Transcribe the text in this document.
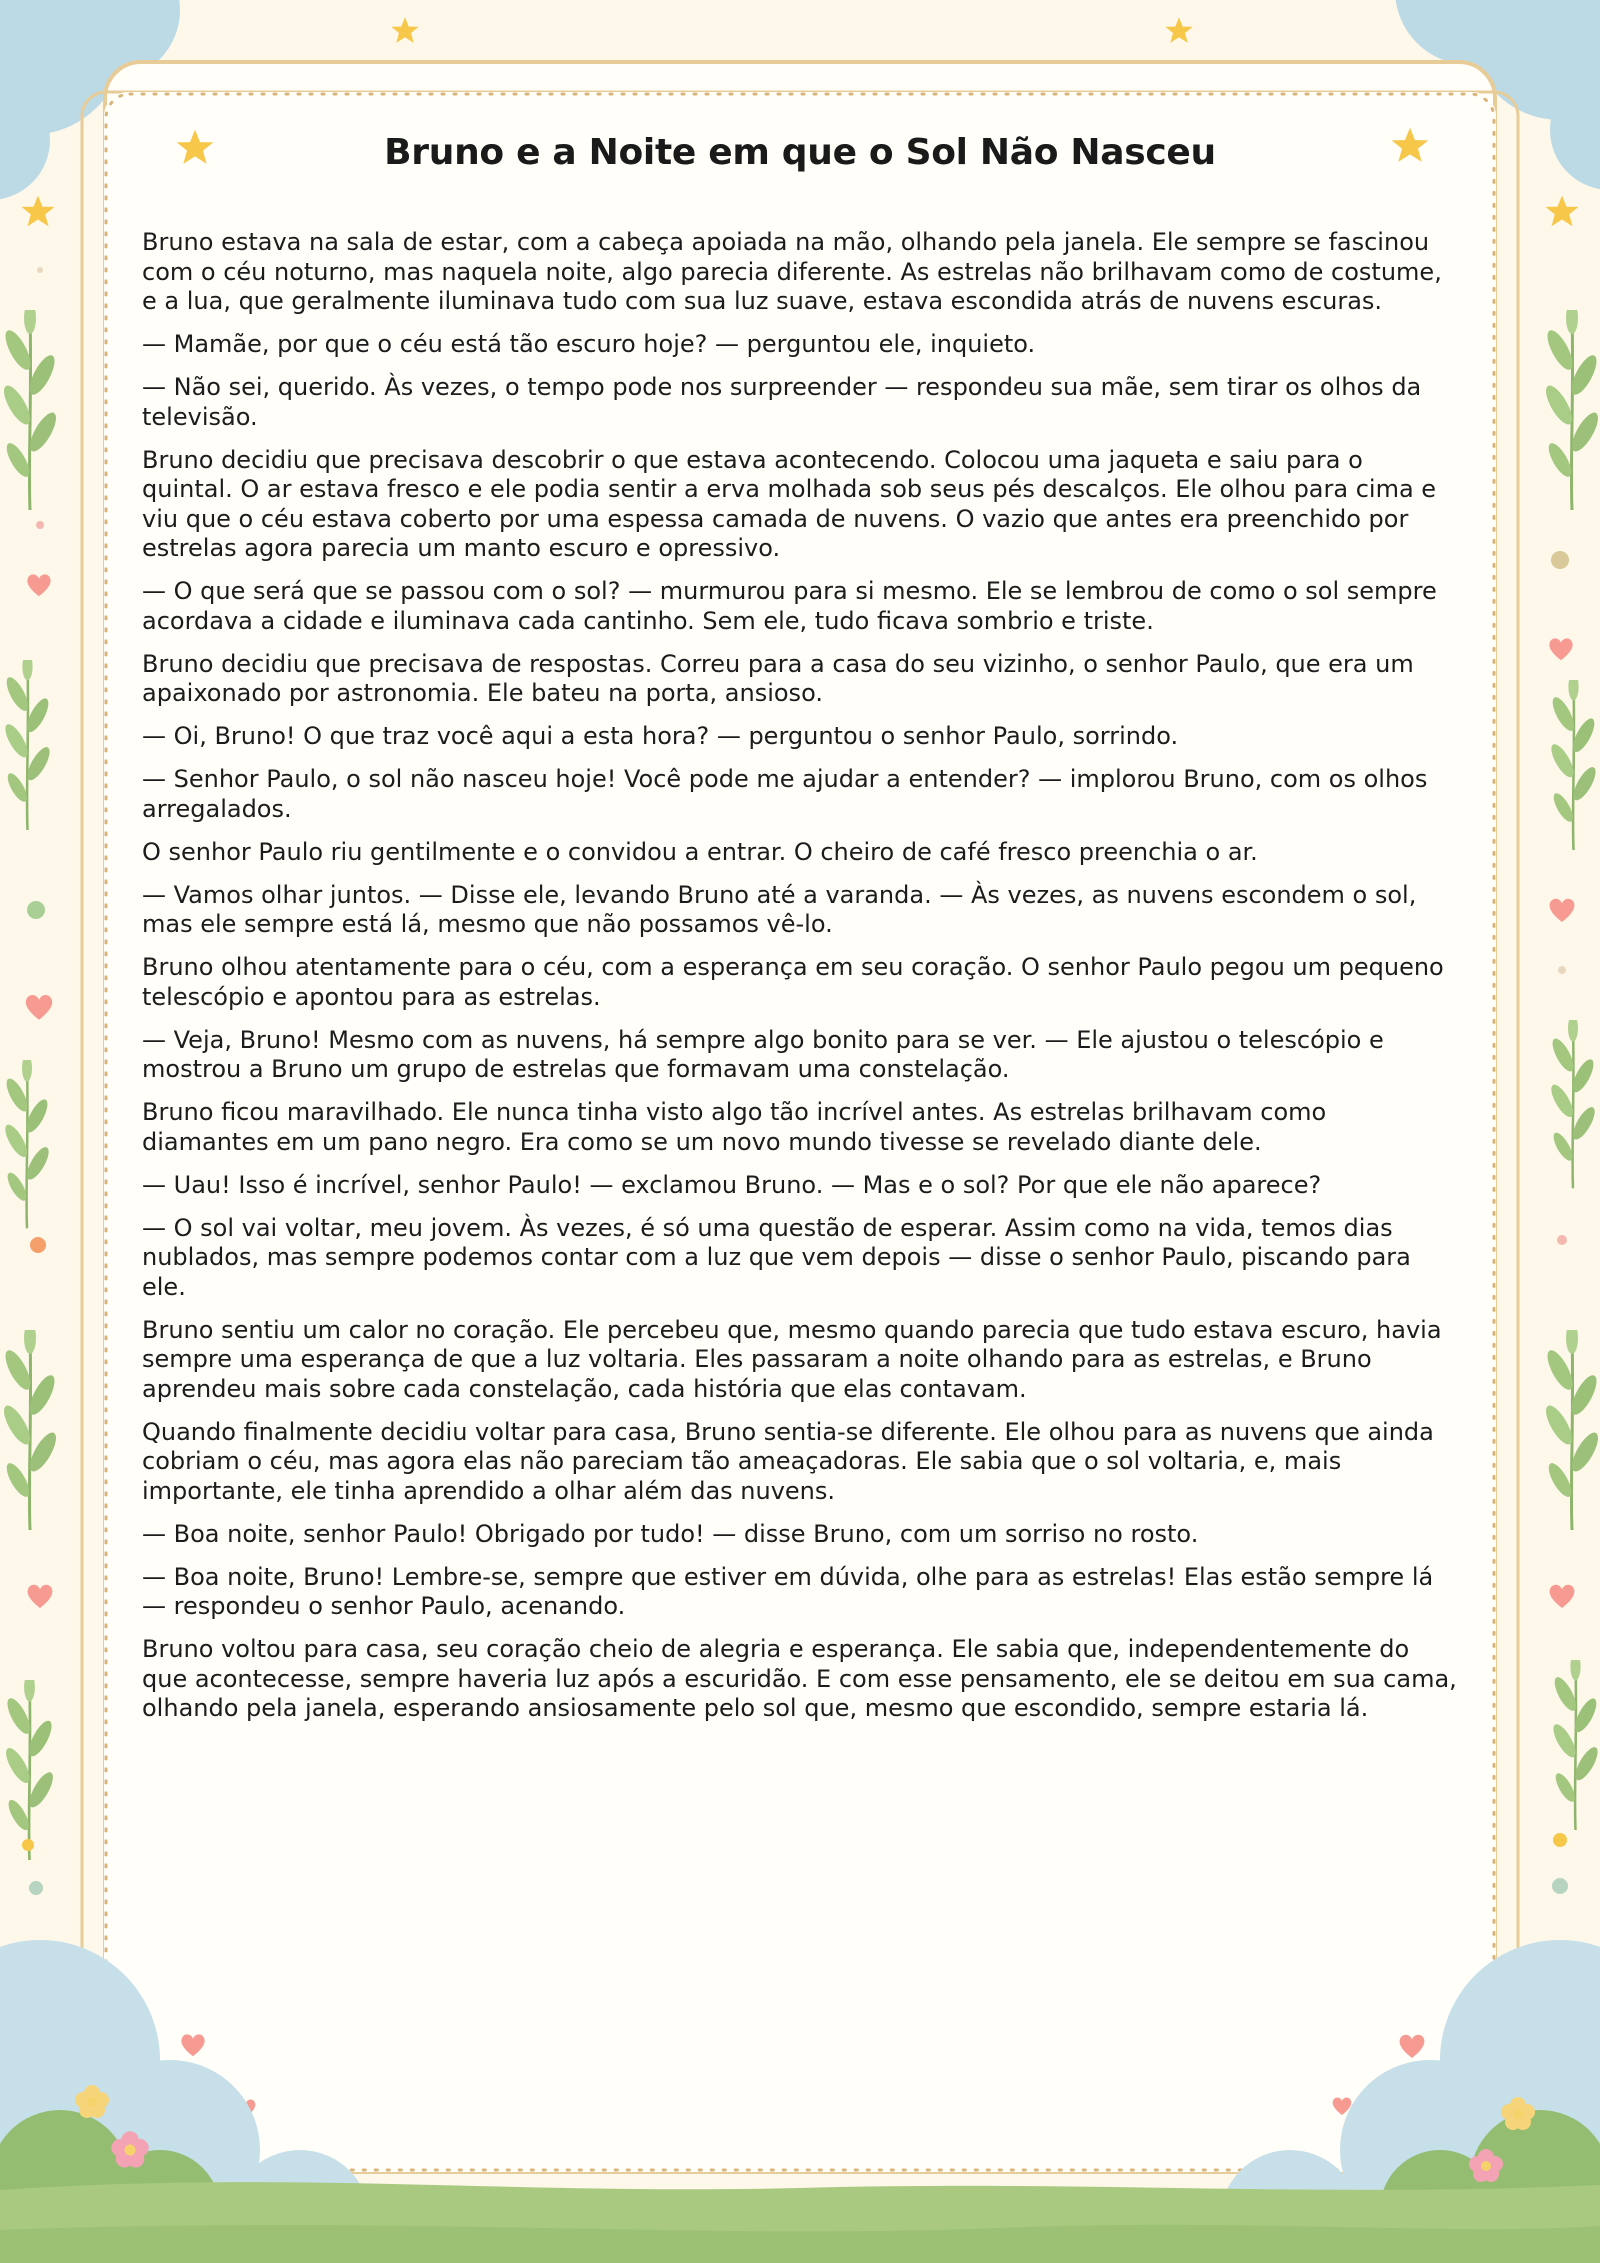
Bruno e a Noite em que o Sol Não Nasceu

Bruno estava na sala de estar, com a cabeça apoiada na mão, olhando pela janela. Ele sempre se fascinou com o céu noturno, mas naquela noite, algo parecia diferente. As estrelas não brilhavam como de costume, e a lua, que geralmente iluminava tudo com sua luz suave, estava escondida atrás de nuvens escuras.

— Mamãe, por que o céu está tão escuro hoje? — perguntou ele, inquieto.

— Não sei, querido. Às vezes, o tempo pode nos surpreender — respondeu sua mãe, sem tirar os olhos da televisão.

Bruno decidiu que precisava descobrir o que estava acontecendo. Colocou uma jaqueta e saiu para o quintal. O ar estava fresco e ele podia sentir a erva molhada sob seus pés descalços. Ele olhou para cima e viu que o céu estava coberto por uma espessa camada de nuvens. O vazio que antes era preenchido por estrelas agora parecia um manto escuro e opressivo.

— O que será que se passou com o sol? — murmurou para si mesmo. Ele se lembrou de como o sol sempre acordava a cidade e iluminava cada cantinho. Sem ele, tudo ficava sombrio e triste.

Bruno decidiu que precisava de respostas. Correu para a casa do seu vizinho, o senhor Paulo, que era um apaixonado por astronomia. Ele bateu na porta, ansioso.

— Oi, Bruno! O que traz você aqui a esta hora? — perguntou o senhor Paulo, sorrindo.

— Senhor Paulo, o sol não nasceu hoje! Você pode me ajudar a entender? — implorou Bruno, com os olhos arregalados.

O senhor Paulo riu gentilmente e o convidou a entrar. O cheiro de café fresco preenchia o ar.

— Vamos olhar juntos. — Disse ele, levando Bruno até a varanda. — Às vezes, as nuvens escondem o sol, mas ele sempre está lá, mesmo que não possamos vê-lo.

Bruno olhou atentamente para o céu, com a esperança em seu coração. O senhor Paulo pegou um pequeno telescópio e apontou para as estrelas.

— Veja, Bruno! Mesmo com as nuvens, há sempre algo bonito para se ver. — Ele ajustou o telescópio e mostrou a Bruno um grupo de estrelas que formavam uma constelação.

Bruno ficou maravilhado. Ele nunca tinha visto algo tão incrível antes. As estrelas brilhavam como diamantes em um pano negro. Era como se um novo mundo tivesse se revelado diante dele.

— Uau! Isso é incrível, senhor Paulo! — exclamou Bruno. — Mas e o sol? Por que ele não aparece?

— O sol vai voltar, meu jovem. Às vezes, é só uma questão de esperar. Assim como na vida, temos dias nublados, mas sempre podemos contar com a luz que vem depois — disse o senhor Paulo, piscando para ele.

Bruno sentiu um calor no coração. Ele percebeu que, mesmo quando parecia que tudo estava escuro, havia sempre uma esperança de que a luz voltaria. Eles passaram a noite olhando para as estrelas, e Bruno aprendeu mais sobre cada constelação, cada história que elas contavam.

Quando finalmente decidiu voltar para casa, Bruno sentia-se diferente. Ele olhou para as nuvens que ainda cobriam o céu, mas agora elas não pareciam tão ameaçadoras. Ele sabia que o sol voltaria, e, mais importante, ele tinha aprendido a olhar além das nuvens.

— Boa noite, senhor Paulo! Obrigado por tudo! — disse Bruno, com um sorriso no rosto.

— Boa noite, Bruno! Lembre-se, sempre que estiver em dúvida, olhe para as estrelas! Elas estão sempre lá — respondeu o senhor Paulo, acenando.

Bruno voltou para casa, seu coração cheio de alegria e esperança. Ele sabia que, independentemente do que acontecesse, sempre haveria luz após a escuridão. E com esse pensamento, ele se deitou em sua cama, olhando pela janela, esperando ansiosamente pelo sol que, mesmo que escondido, sempre estaria lá.
